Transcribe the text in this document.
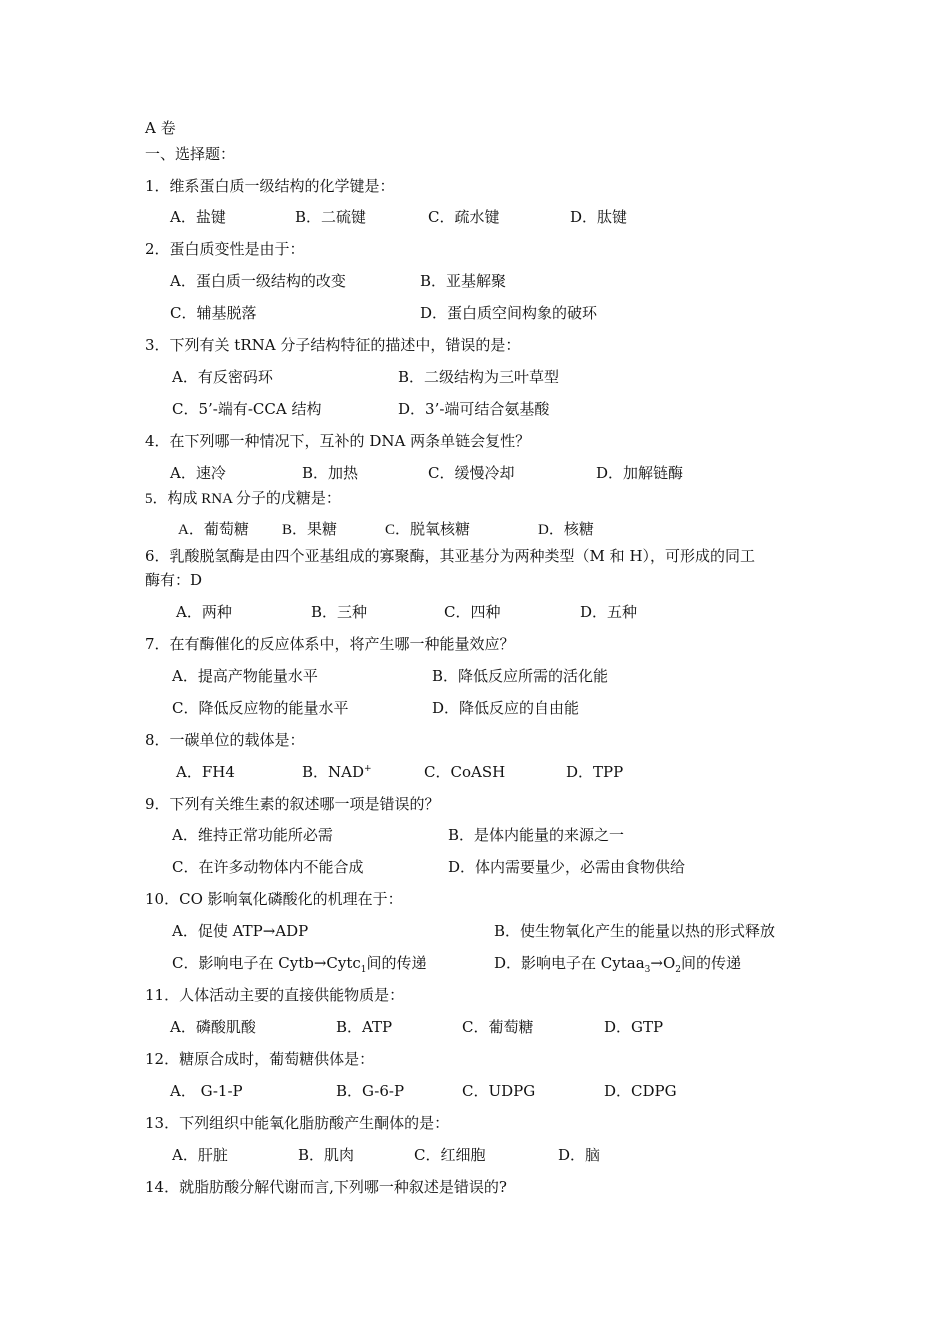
A 卷
一、选择题：
1．维系蛋白质一级结构的化学键是：
A．盐键	B．二硫键	C．疏水键	D．肽键
2．蛋白质变性是由于：
A．蛋白质一级结构的改变	B．亚基解聚
C．辅基脱落	D．蛋白质空间构象的破环
3．下列有关 tRNA 分子结构特征的描述中，错误的是：
A．有反密码环	B．二级结构为三叶草型
C．5’-端有-CCA 结构	D．3’-端可结合氨基酸
4．在下列哪一种情况下，互补的 DNA 两条单链会复性？
A．速冷	B．加热	C．缓慢冷却	D．加解链酶
5．构成 RNA 分子的戊糖是：
A．葡萄糖 B．果糖	C．脱氧核糖	D．核糖
6．乳酸脱氢酶是由四个亚基组成的寡聚酶，其亚基分为两种类型（M 和 H），可形成的同工
酶有：D
A．两种	B．三种	C．四种	D．五种
7．在有酶催化的反应体系中，将产生哪一种能量效应？
A．提高产物能量水平	B．降低反应所需的活化能
C．降低反应物的能量水平	D．降低反应的自由能
8．一碳单位的载体是：
A．FH4	B．NAD+	C．CoASH	D．TPP
9．下列有关维生素的叙述哪一项是错误的？
A．维持正常功能所必需	B．是体内能量的来源之一
C．在许多动物体内不能合成	D．体内需要量少，必需由食物供给
10．CO 影响氧化磷酸化的机理在于：
A．促使 ATP→ADP	B．使生物氧化产生的能量以热的形式释放
C．影响电子在 Cytb→Cytc$_1$间的传递	D．影响电子在 $Cytaa_3\to O_2$间的传递
11．人体活动主要的直接供能物质是：
A．磷酸肌酸	B．ATP	C．葡萄糖	D．GTP
12．糖原合成时，葡萄糖供体是：
A． G-1-P	B．G-6-P	C．UDPG	D．CDPG
13．下列组织中能氧化脂肪酸产生酮体的是：
A．肝脏	B．肌肉	C．红细胞	D．脑
14．就脂肪酸分解代谢而言,下列哪一种叙述是错误的?
